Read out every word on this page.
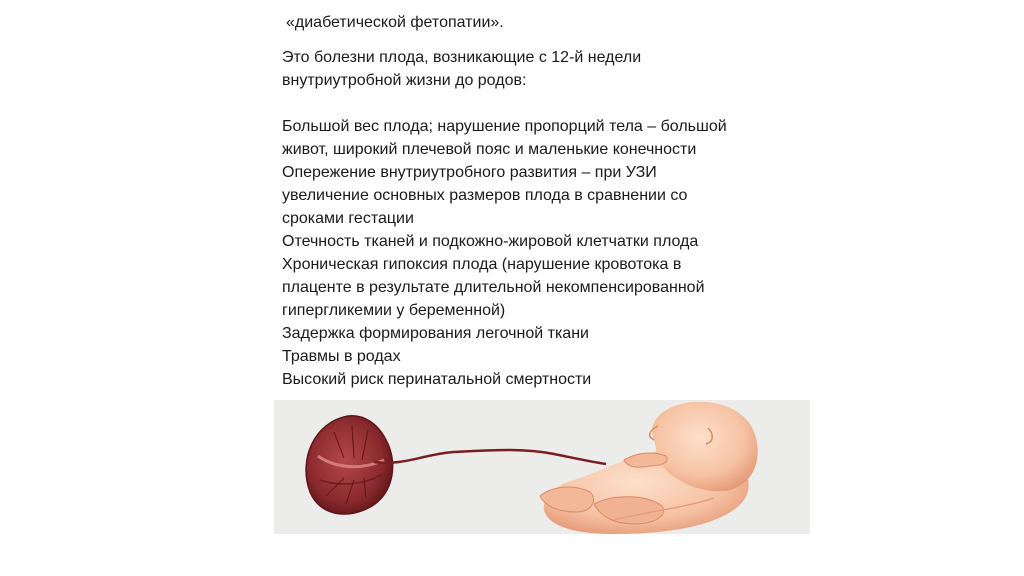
«диабетической фетопатии».
Это болезни плода, возникающие с 12-й недели
внутриутробной жизни до родов:
Большой вес плода; нарушение пропорций тела – большой
живот, широкий плечевой пояс и маленькие конечности
Опережение внутриутробного развития – при УЗИ
увеличение основных размеров плода в сравнении со
сроками гестации
Отечность тканей и подкожно-жировой клетчатки плода
Хроническая гипоксия плода (нарушение кровотока в
плаценте в результате длительной некомпенсированной
гипергликемии у беременной)
Задержка формирования легочной ткани
Травмы в родах
Высокий риск перинатальной смертности
